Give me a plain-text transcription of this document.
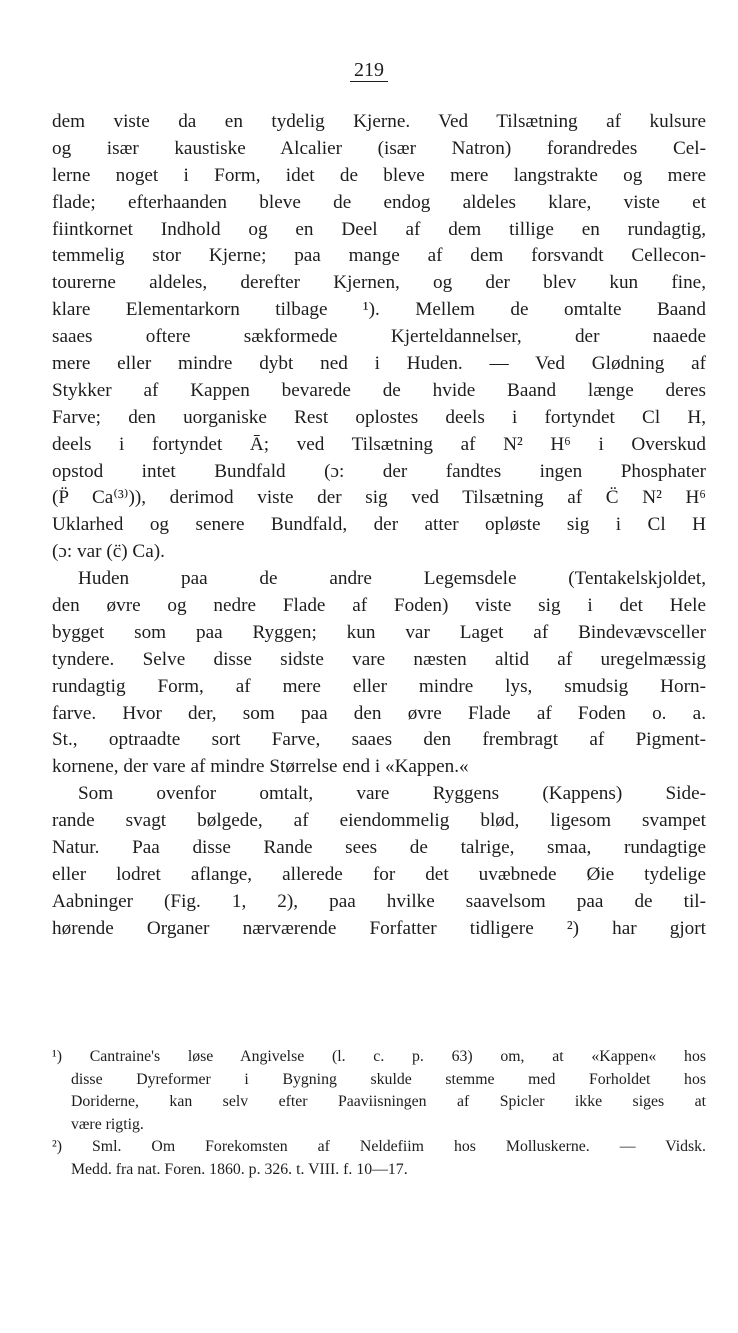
219
dem viste da en tydelig Kjerne. Ved Tilsætning af kulsure
og især kaustiske Alcalier (især Natron) forandredes Cel-
lerne noget i Form, idet de bleve mere langstrakte og mere
flade; efterhaanden bleve de endog aldeles klare, viste et
fiintkornet Indhold og en Deel af dem tillige en rundagtig,
temmelig stor Kjerne; paa mange af dem forsvandt Cellecon-
tourerne aldeles, derefter Kjernen, og der blev kun fine,
klare Elementarkorn tilbage ¹). Mellem de omtalte Baand
saaes oftere sækformede Kjerteldannelser, der naaede
mere eller mindre dybt ned i Huden. — Ved Glødning af
Stykker af Kappen bevarede de hvide Baand længe deres
Farve; den uorganiske Rest oplostes deels i fortyndet Cl H,
deels i fortyndet Ā; ved Tilsætning af N² H⁶ i Overskud
opstod intet Bundfald (ɔ: der fandtes ingen Phosphater
(P̈ Ca⁽³⁾)), derimod viste der sig ved Tilsætning af C̈ N² H⁶
Uklarhed og senere Bundfald, der atter opløste sig i Cl H
(ɔ: var (c̈) Ca).
Huden paa de andre Legemsdele (Tentakelskjoldet,
den øvre og nedre Flade af Foden) viste sig i det Hele
bygget som paa Ryggen; kun var Laget af Bindevævsceller
tyndere. Selve disse sidste vare næsten altid af uregelmæssig
rundagtig Form, af mere eller mindre lys, smudsig Horn-
farve. Hvor der, som paa den øvre Flade af Foden o. a.
St., optraadte sort Farve, saaes den frembragt af Pigment-
kornene, der vare af mindre Størrelse end i «Kappen.«
Som ovenfor omtalt, vare Ryggens (Kappens) Side-
rande svagt bølgede, af eiendommelig blød, ligesom svampet
Natur. Paa disse Rande sees de talrige, smaa, rundagtige
eller lodret aflange, allerede for det uvæbnede Øie tydelige
Aabninger (Fig. 1, 2), paa hvilke saavelsom paa de til-
hørende Organer nærværende Forfatter tidligere ²) har gjort
¹) Cantraine's løse Angivelse (l. c. p. 63) om, at «Kappen« hos
disse Dyreformer i Bygning skulde stemme med Forholdet hos
Doriderne, kan selv efter Paaviisningen af Spicler ikke siges at
være rigtig.
²) Sml. Om Forekomsten af Neldefiim hos Molluskerne. — Vidsk.
Medd. fra nat. Foren. 1860. p. 326. t. VIII. f. 10—17.
